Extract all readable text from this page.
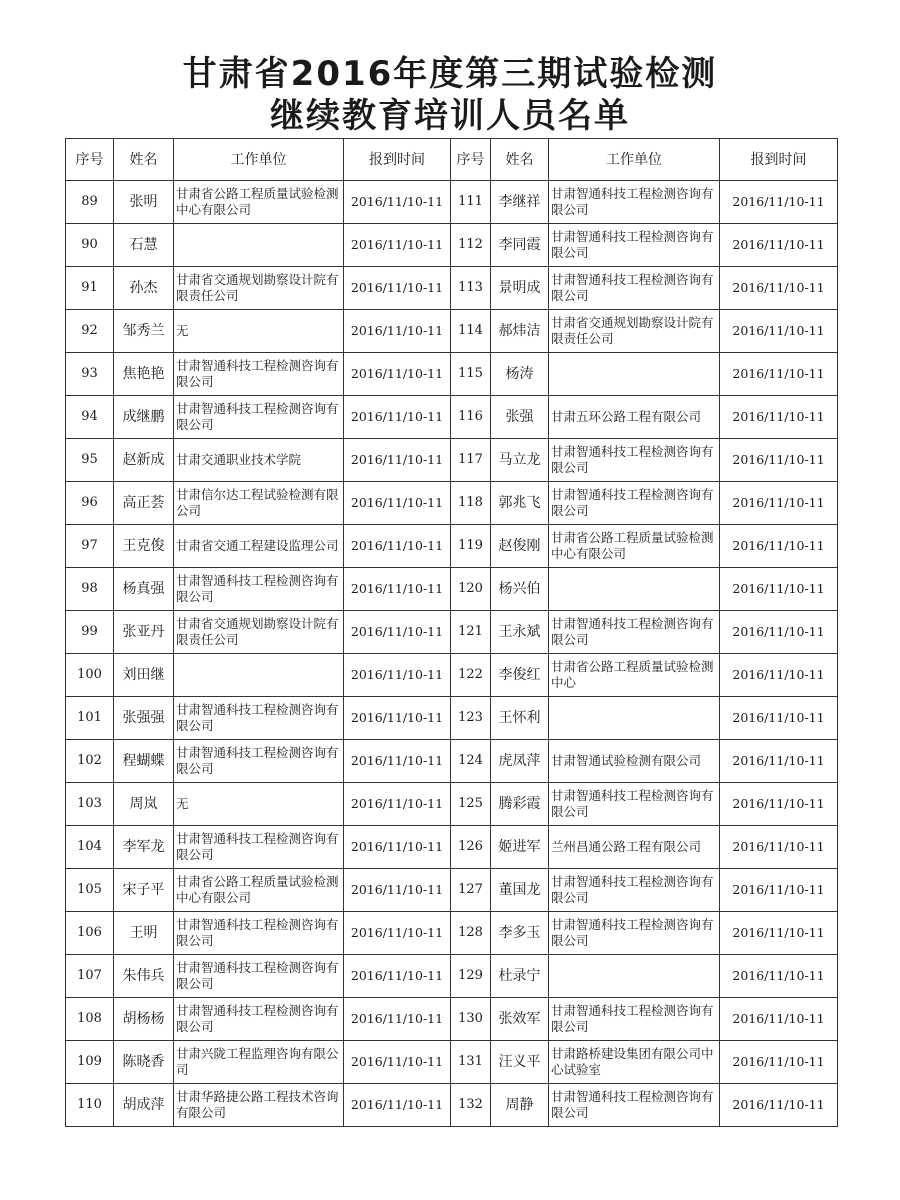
甘肃省2016年度第三期试验检测
继续教育培训人员名单
序号	姓名	工作单位	报到时间	序号	姓名	工作单位	报到时间
89	张明	甘肃省公路工程质量试验检测中心有限公司	2016/11/10-11	111	李继祥	甘肃智通科技工程检测咨询有限公司	2016/11/10-11
90	石慧		2016/11/10-11	112	李同霞	甘肃智通科技工程检测咨询有限公司	2016/11/10-11
91	孙杰	甘肃省交通规划勘察设计院有限责任公司	2016/11/10-11	113	景明成	甘肃智通科技工程检测咨询有限公司	2016/11/10-11
92	邹秀兰	无	2016/11/10-11	114	郝炜洁	甘肃省交通规划勘察设计院有限责任公司	2016/11/10-11
93	焦艳艳	甘肃智通科技工程检测咨询有限公司	2016/11/10-11	115	杨涛		2016/11/10-11
94	成继鹏	甘肃智通科技工程检测咨询有限公司	2016/11/10-11	116	张强	甘肃五环公路工程有限公司	2016/11/10-11
95	赵新成	甘肃交通职业技术学院	2016/11/10-11	117	马立龙	甘肃智通科技工程检测咨询有限公司	2016/11/10-11
96	高正荟	甘肃信尔达工程试验检测有限公司	2016/11/10-11	118	郭兆飞	甘肃智通科技工程检测咨询有限公司	2016/11/10-11
97	王克俊	甘肃省交通工程建设监理公司	2016/11/10-11	119	赵俊刚	甘肃省公路工程质量试验检测中心有限公司	2016/11/10-11
98	杨真强	甘肃智通科技工程检测咨询有限公司	2016/11/10-11	120	杨兴伯		2016/11/10-11
99	张亚丹	甘肃省交通规划勘察设计院有限责任公司	2016/11/10-11	121	王永斌	甘肃智通科技工程检测咨询有限公司	2016/11/10-11
100	刘田继		2016/11/10-11	122	李俊红	甘肃省公路工程质量试验检测中心	2016/11/10-11
101	张强强	甘肃智通科技工程检测咨询有限公司	2016/11/10-11	123	王怀利		2016/11/10-11
102	程蝴蝶	甘肃智通科技工程检测咨询有限公司	2016/11/10-11	124	虎凤萍	甘肃智通试验检测有限公司	2016/11/10-11
103	周岚	无	2016/11/10-11	125	腾彩霞	甘肃智通科技工程检测咨询有限公司	2016/11/10-11
104	李军龙	甘肃智通科技工程检测咨询有限公司	2016/11/10-11	126	姬进军	兰州昌通公路工程有限公司	2016/11/10-11
105	宋子平	甘肃省公路工程质量试验检测中心有限公司	2016/11/10-11	127	董国龙	甘肃智通科技工程检测咨询有限公司	2016/11/10-11
106	王明	甘肃智通科技工程检测咨询有限公司	2016/11/10-11	128	李多玉	甘肃智通科技工程检测咨询有限公司	2016/11/10-11
107	朱伟兵	甘肃智通科技工程检测咨询有限公司	2016/11/10-11	129	杜录宁		2016/11/10-11
108	胡杨杨	甘肃智通科技工程检测咨询有限公司	2016/11/10-11	130	张效军	甘肃智通科技工程检测咨询有限公司	2016/11/10-11
109	陈晓香	甘肃兴陇工程监理咨询有限公司	2016/11/10-11	131	汪义平	甘肃路桥建设集团有限公司中心试验室	2016/11/10-11
110	胡成萍	甘肃华路捷公路工程技术咨询有限公司	2016/11/10-11	132	周静	甘肃智通科技工程检测咨询有限公司	2016/11/10-11
